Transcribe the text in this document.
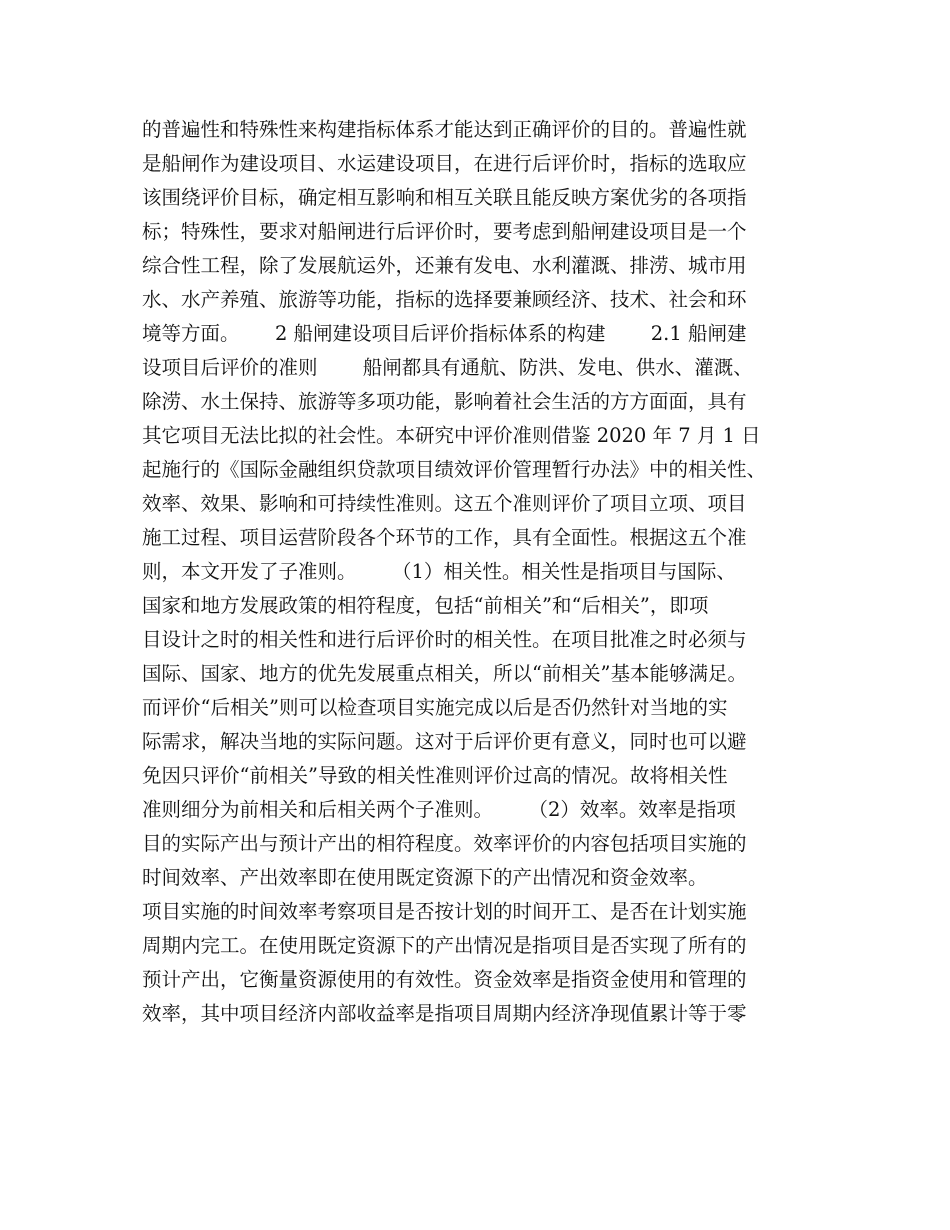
的普遍性和特殊性来构建指标体系才能达到正确评价的目的。普遍性就
是船闸作为建设项目、水运建设项目，在进行后评价时，指标的选取应
该围绕评价目标，确定相互影响和相互关联且能反映方案优劣的各项指
标；特殊性，要求对船闸进行后评价时，要考虑到船闸建设项目是一个
综合性工程，除了发展航运外，还兼有发电、水利灌溉、排涝、城市用
水、水产养殖、旅游等功能，指标的选择要兼顾经济、技术、社会和环
境等方面。　　 2 船闸建设项目后评价指标体系的构建　　 2.1 船闸建
设项目后评价的准则　　 船闸都具有通航、防洪、发电、供水、灌溉、
除涝、水土保持、旅游等多项功能，影响着社会生活的方方面面，具有
其它项目无法比拟的社会性。本研究中评价准则借鉴 2020 年 7 月 1 日
起施行的《国际金融组织贷款项目绩效评价管理暂行办法》中的相关性、
效率、效果、影响和可持续性准则。这五个准则评价了项目立项、项目
施工过程、项目运营阶段各个环节的工作，具有全面性。根据这五个准
则，本文开发了子准则。　　 （1）相关性。相关性是指项目与国际、
国家和地方发展政策的相符程度，包括“前相关”和“后相关”，即项
目设计之时的相关性和进行后评价时的相关性。在项目批准之时必须与
国际、国家、地方的优先发展重点相关，所以“前相关”基本能够满足。
而评价“后相关”则可以检查项目实施完成以后是否仍然针对当地的实
际需求，解决当地的实际问题。这对于后评价更有意义，同时也可以避
免因只评价“前相关”导致的相关性准则评价过高的情况。故将相关性
准则细分为前相关和后相关两个子准则。　　 （2）效率。效率是指项
目的实际产出与预计产出的相符程度。效率评价的内容包括项目实施的
时间效率、产出效率即在使用既定资源下的产出情况和资金效率。
项目实施的时间效率考察项目是否按计划的时间开工、是否在计划实施
周期内完工。在使用既定资源下的产出情况是指项目是否实现了所有的
预计产出，它衡量资源使用的有效性。资金效率是指资金使用和管理的
效率，其中项目经济内部收益率是指项目周期内经济净现值累计等于零
